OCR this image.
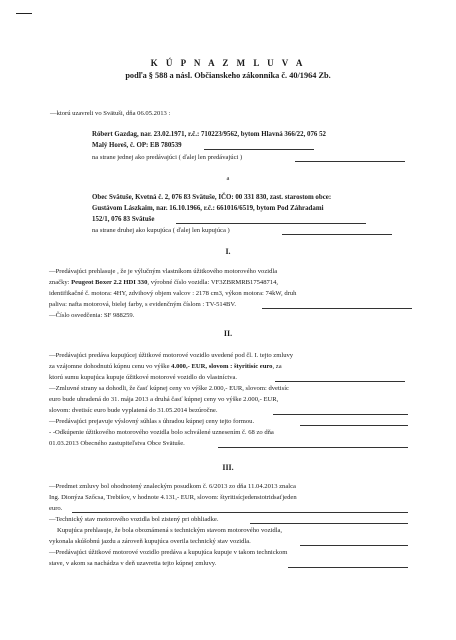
K Ú P N A Z M L U V A
podľa § 588 a násl. Občianskeho zákonníka č. 40/1964 Zb.
—ktorú uzavreli vo Svätuši, dňa 06.05.2013 :
Róbert Gazdag, nar. 23.02.1971, r.č.: 710223/9562, bytom Hlavná 366/22, 076 52
Malý Horeš, č. OP: EB 780539
na strane jednej ako predávajúci ( ďalej len predávajúci )
a
Obec Svätuše, Kvetná č. 2, 076 83 Svätuše, IČO: 00 331 830, zast. starostom obce:
Gustávom Lászkaim, nar. 16.10.1966, r.č.: 661016/6519, bytom Pod Záhradami
152/1, 076 83 Svätuše
na strane druhej ako kupujúca ( ďalej len kupujúca )
I.
—Predávajúci prehlasuje , že je výlučným vlastníkom úžitkového motorového vozidla
značky: Peugeot Boxer 2.2 HDI 330, výrobné číslo vozidla: VF3ZBRMRB17548714,
identifikačné č. motora: 4HY, zdvihový objem valcov : 2178 cm3, výkon motora: 74kW, druh
paliva: nafta motorová, bielej farby, s evidenčným číslom : TV-514BV.
—Číslo osvedčenia: SF 988259.
II.
—Predávajúci predáva kupujúcej úžitkové motorové vozidlo uvedené pod čl. I. tejto zmluvy
za vzájomne dohodnutú kúpnu cenu vo výške 4.000,- EUR, slovom : štyritisíc euro, za
ktorú sumu kupujúca kupuje úžitkové motorové vozidlo do vlastníctva.
—Zmluvné strany sa dohodli, že časť kúpnej ceny vo výške 2.000,- EUR, slovom: dvetisíc
euro bude uhradená do 31. mája 2013 a druhá časť kúpnej ceny vo výške 2.000,- EUR,
slovom: dvetisíc euro bude vyplatená do 31.05.2014 bezúročne.
—Predávajúci prejavuje výslovný súhlas s úhradou kúpnej ceny tejto formou.
- -Odkúpenie úžitkového motorového vozidla bolo schválené uznesením č. 68 zo dňa
01.03.2013 Obecného zastupiteľstva Obce Svätuše.
III.
—Predmet zmluvy bol ohodnotený znaleckým posudkom č. 6/2013 zo dňa 11.04.2013 znalca
Ing. Dionýza Szőcsa, Trebišov, v hodnote 4.131,- EUR, slovom: štyritisícjedenstotridsaťjeden
euro.
—Technický stav motorového vozidla bol zistený pri obhliadke.
Kupujúca prehlasuje, že bola oboznámená s technickým stavom motorového vozidla,
vykonala skúšobnú jazdu a zároveň kupujúca overila technický stav vozidla.
—Predávajúci úžitkové motorové vozidlo predáva a kupujúca kupuje v takom technickom
stave, v akom sa nachádza v deň uzavretia tejto kúpnej zmluvy.
